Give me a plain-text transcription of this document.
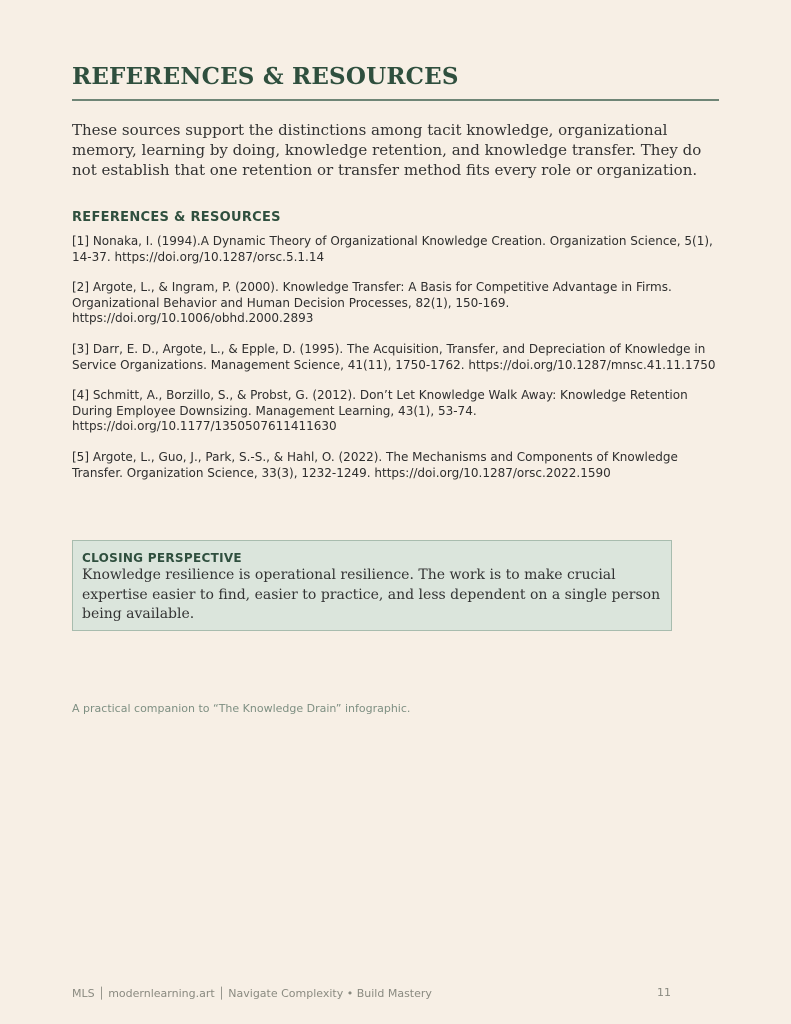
REFERENCES & RESOURCES

These sources support the distinctions among tacit knowledge, organizational memory, learning by doing, knowledge retention, and knowledge transfer. They do not establish that one retention or transfer method fits every role or organization.

REFERENCES & RESOURCES
[1] Nonaka, I. (1994).A Dynamic Theory of Organizational Knowledge Creation. Organization Science, 5(1), 14-37. https://doi.org/10.1287/orsc.5.1.14
[2] Argote, L., & Ingram, P. (2000). Knowledge Transfer: A Basis for Competitive Advantage in Firms. Organizational Behavior and Human Decision Processes, 82(1), 150-169. https://doi.org/10.1006/obhd.2000.2893
[3] Darr, E. D., Argote, L., & Epple, D. (1995). The Acquisition, Transfer, and Depreciation of Knowledge in Service Organizations. Management Science, 41(11), 1750-1762. https://doi.org/10.1287/mnsc.41.11.1750
[4] Schmitt, A., Borzillo, S., & Probst, G. (2012). Don’t Let Knowledge Walk Away: Knowledge Retention During Employee Downsizing. Management Learning, 43(1), 53-74. https://doi.org/10.1177/1350507611411630
[5] Argote, L., Guo, J., Park, S.-S., & Hahl, O. (2022). The Mechanisms and Components of Knowledge Transfer. Organization Science, 33(3), 1232-1249. https://doi.org/10.1287/orsc.2022.1590

CLOSING PERSPECTIVE

Knowledge resilience is operational resilience. The work is to make crucial expertise easier to find, easier to practice, and less dependent on a single person being available.

A practical companion to “The Knowledge Drain” infographic.

MLS │ modernlearning.art │ Navigate Complexity • Build Mastery	11
